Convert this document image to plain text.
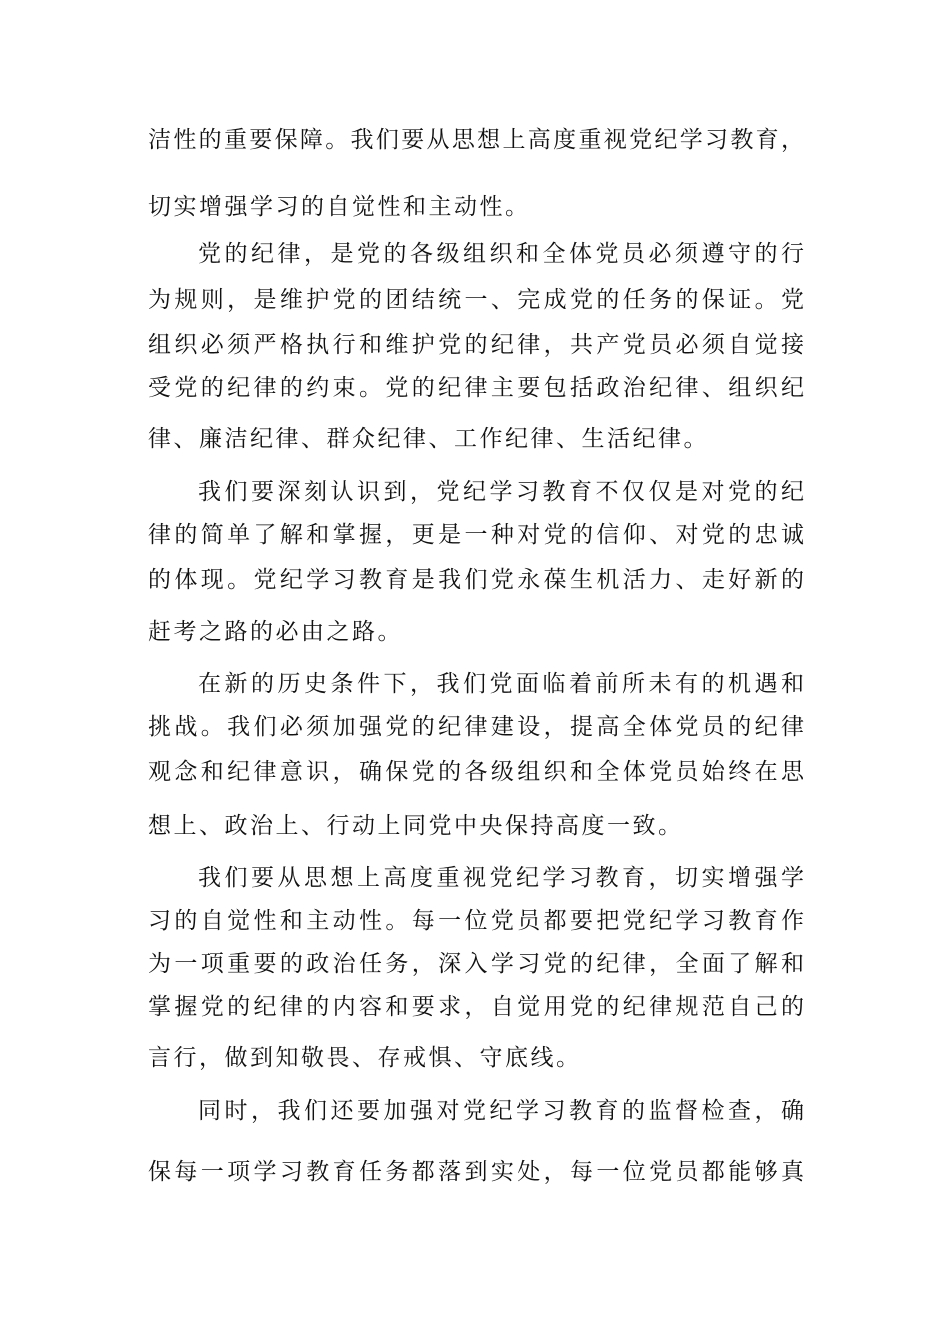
洁性的重要保障。我们要从思想上高度重视党纪学习教育，
切实增强学习的自觉性和主动性。
党的纪律，是党的各级组织和全体党员必须遵守的行
为规则，是维护党的团结统一、完成党的任务的保证。党
组织必须严格执行和维护党的纪律，共产党员必须自觉接
受党的纪律的约束。党的纪律主要包括政治纪律、组织纪
律、廉洁纪律、群众纪律、工作纪律、生活纪律。
我们要深刻认识到，党纪学习教育不仅仅是对党的纪
律的简单了解和掌握，更是一种对党的信仰、对党的忠诚
的体现。党纪学习教育是我们党永葆生机活力、走好新的
赶考之路的必由之路。
在新的历史条件下，我们党面临着前所未有的机遇和
挑战。我们必须加强党的纪律建设，提高全体党员的纪律
观念和纪律意识，确保党的各级组织和全体党员始终在思
想上、政治上、行动上同党中央保持高度一致。
我们要从思想上高度重视党纪学习教育，切实增强学
习的自觉性和主动性。每一位党员都要把党纪学习教育作
为一项重要的政治任务，深入学习党的纪律，全面了解和
掌握党的纪律的内容和要求，自觉用党的纪律规范自己的
言行，做到知敬畏、存戒惧、守底线。
同时，我们还要加强对党纪学习教育的监督检查，确
保每一项学习教育任务都落到实处，每一位党员都能够真
